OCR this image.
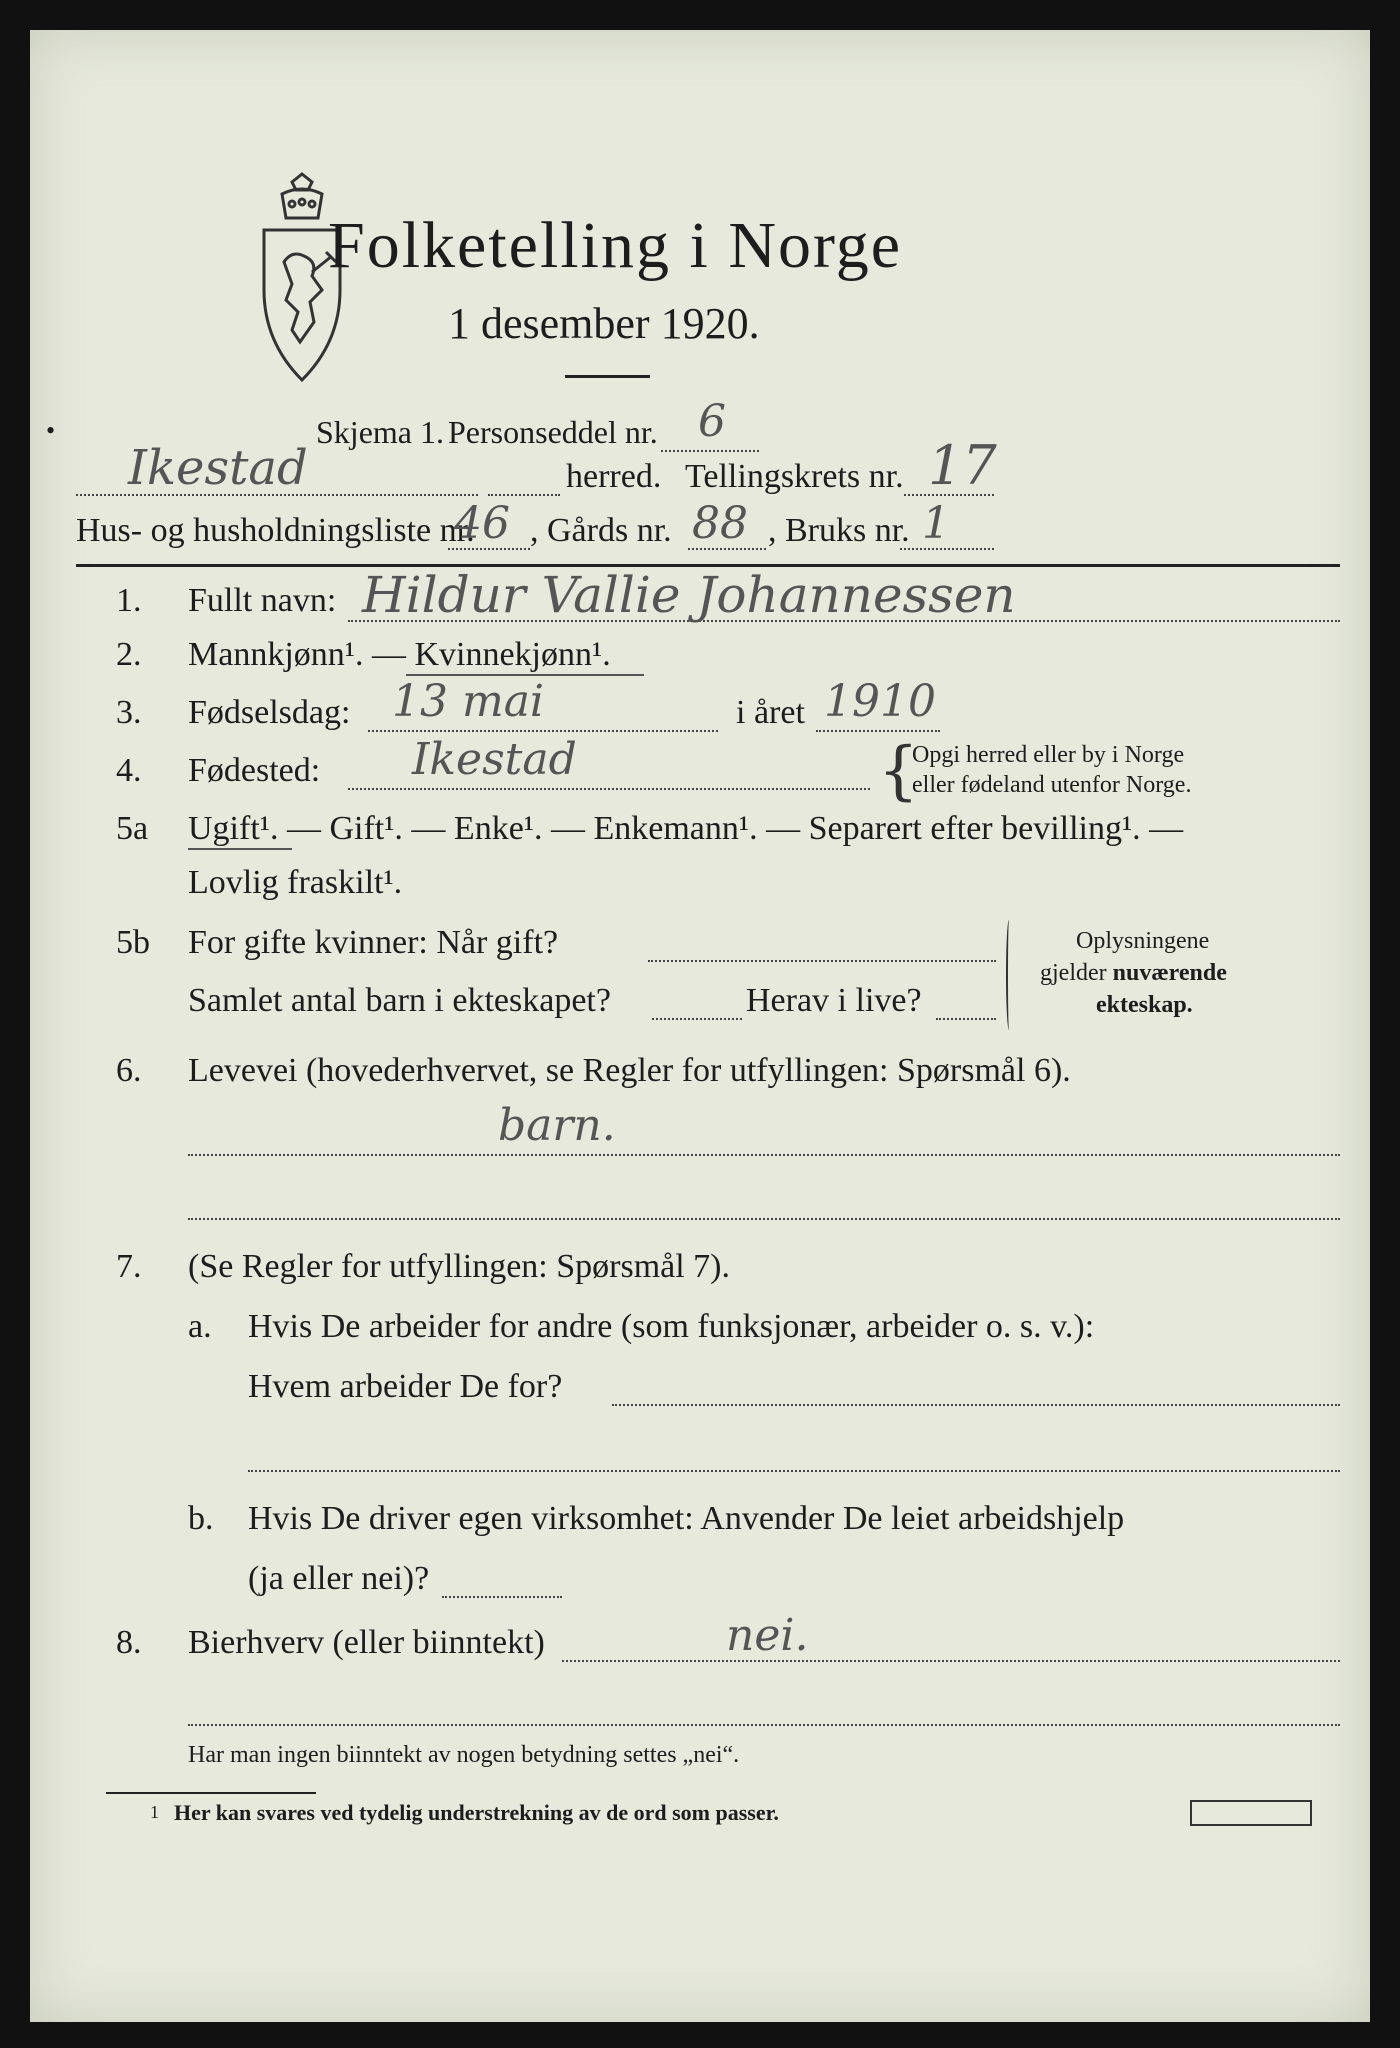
Folketelling i Norge
1 desember 1920.
•	Skjema 1. Personseddel nr. 6
Ikestad	herred. Tellingskrets nr. 17
Hus- og husholdningsliste nr.
46 , Gårds nr. 88 , Bruks nr. 1
1. Fullt navn: Hildur Vallie Johannessen
2. Mannkjønn¹. — Kvinnekjønn¹.
3. Fødselsdag: 13 mai	i året 1910
4. Fødested: Ikestad	{
Opgi herred eller by i Norge
eller fødeland utenfor Norge.
5a Ugift¹. — Gift¹. — Enke¹. — Enkemann¹. — Separert efter bevilling¹. —
Lovlig fraskilt¹.
5b For gifte kvinner: Når gift?
Samlet antal barn i ekteskapet?	Herav i live?
Oplysningene
gjelder nuværende
ekteskap.
6. Levevei (hovederhvervet, se Regler for utfyllingen: Spørsmål 6).
barn.
7. (Se Regler for utfyllingen: Spørsmål 7).
a. Hvis De arbeider for andre (som funksjonær, arbeider o. s. v.):
Hvem arbeider De for?
b. Hvis De driver egen virksomhet: Anvender De leiet arbeidshjelp
(ja eller nei)?
8. Bierhverv (eller biinntekt)	nei.
Har man ingen biinntekt av nogen betydning settes „nei“.
1 Her kan svares ved tydelig understrekning av de ord som passer.
